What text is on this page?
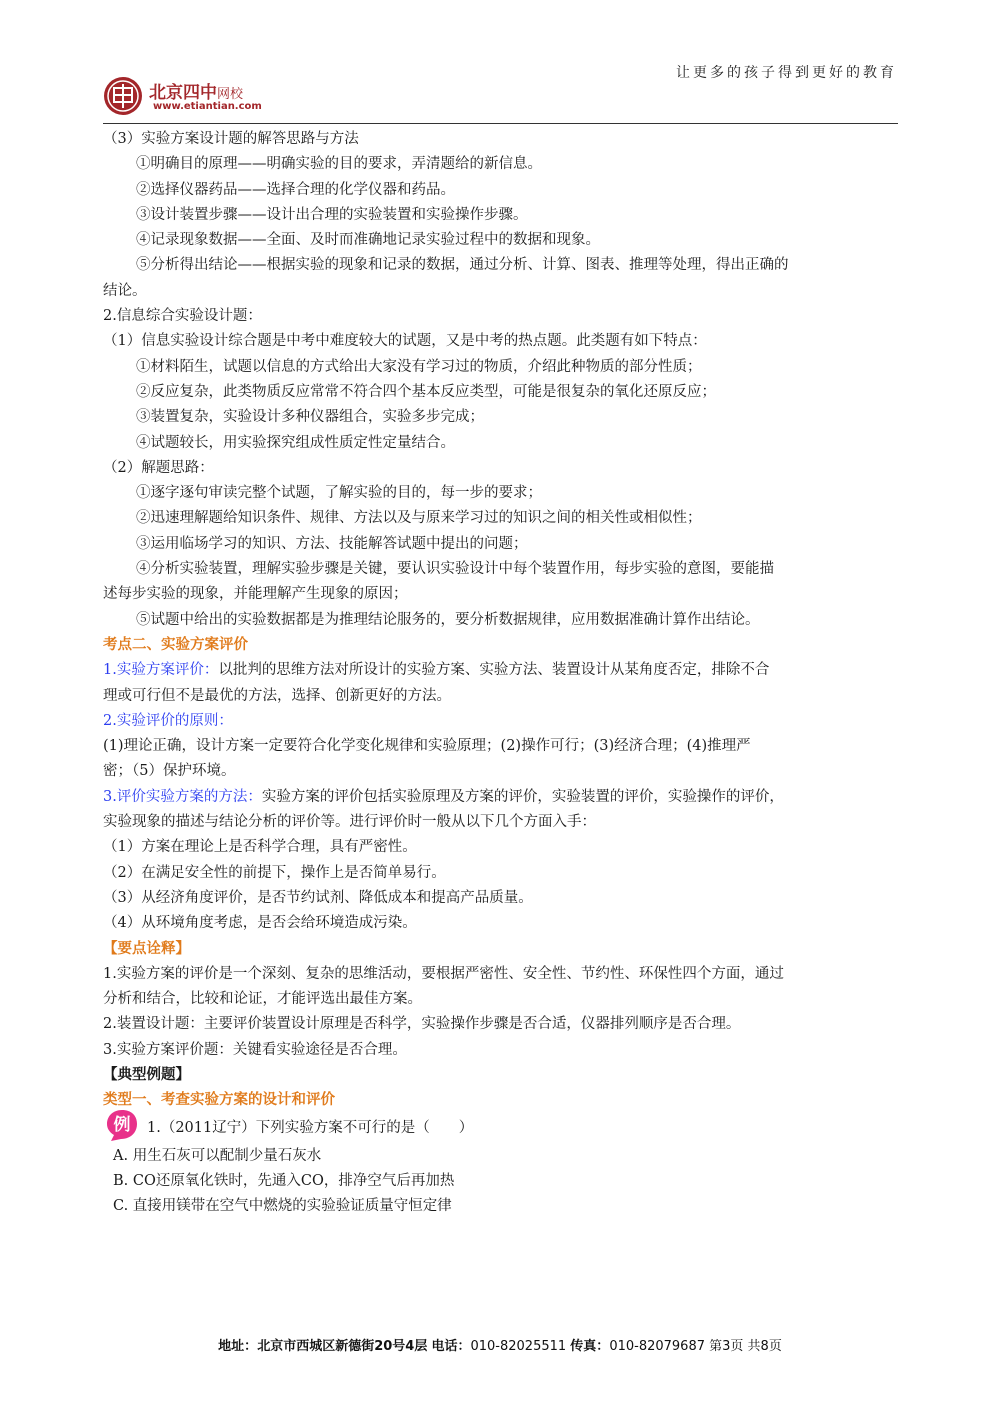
让更多的孩子得到更好的教育
北京四中网校
www.etiantian.com
（3）实验方案设计题的解答思路与方法
①明确目的原理——明确实验的目的要求，弄清题给的新信息。
②选择仪器药品——选择合理的化学仪器和药品。
③设计装置步骤——设计出合理的实验装置和实验操作步骤。
④记录现象数据——全面、及时而准确地记录实验过程中的数据和现象。
⑤分析得出结论——根据实验的现象和记录的数据，通过分析、计算、图表、推理等处理，得出正确的
结论。
2.信息综合实验设计题：
（1）信息实验设计综合题是中考中难度较大的试题，又是中考的热点题。此类题有如下特点：
①材料陌生，试题以信息的方式给出大家没有学习过的物质，介绍此种物质的部分性质；
②反应复杂，此类物质反应常常不符合四个基本反应类型，可能是很复杂的氧化还原反应；
③装置复杂，实验设计多种仪器组合，实验多步完成；
④试题较长，用实验探究组成性质定性定量结合。
（2）解题思路：
①逐字逐句审读完整个试题，了解实验的目的，每一步的要求；
②迅速理解题给知识条件、规律、方法以及与原来学习过的知识之间的相关性或相似性；
③运用临场学习的知识、方法、技能解答试题中提出的问题；
④分析实验装置，理解实验步骤是关键，要认识实验设计中每个装置作用，每步实验的意图，要能描
述每步实验的现象，并能理解产生现象的原因；
⑤试题中给出的实验数据都是为推理结论服务的，要分析数据规律，应用数据准确计算作出结论。
考点二、实验方案评价
1.实验方案评价：以批判的思维方法对所设计的实验方案、实验方法、装置设计从某角度否定，排除不合
理或可行但不是最优的方法，选择、创新更好的方法。
2.实验评价的原则：
(1)理论正确，设计方案一定要符合化学变化规律和实验原理；(2)操作可行；(3)经济合理；(4)推理严
密；（5）保护环境。
3.评价实验方案的方法：实验方案的评价包括实验原理及方案的评价，实验装置的评价，实验操作的评价，
实验现象的描述与结论分析的评价等。进行评价时一般从以下几个方面入手：
（1）方案在理论上是否科学合理，具有严密性。
（2）在满足安全性的前提下，操作上是否简单易行。
（3）从经济角度评价，是否节约试剂、降低成本和提高产品质量。
（4）从环境角度考虑，是否会给环境造成污染。
【要点诠释】
1.实验方案的评价是一个深刻、复杂的思维活动，要根据严密性、安全性、节约性、环保性四个方面，通过
分析和结合，比较和论证，才能评选出最佳方案。
2.装置设计题：主要评价装置设计原理是否科学，实验操作步骤是否合适，仪器排列顺序是否合理。
3.实验方案评价题：关键看实验途径是否合理。
【典型例题】
类型一、考查实验方案的设计和评价
例 1.（2011辽宁）下列实验方案不可行的是（　　）
A. 用生石灰可以配制少量石灰水
B. CO还原氧化铁时，先通入CO，排净空气后再加热
C. 直接用镁带在空气中燃烧的实验验证质量守恒定律
地址：北京市西城区新德街20号4层 电话：010-82025511 传真：010-82079687 第3页 共8页
